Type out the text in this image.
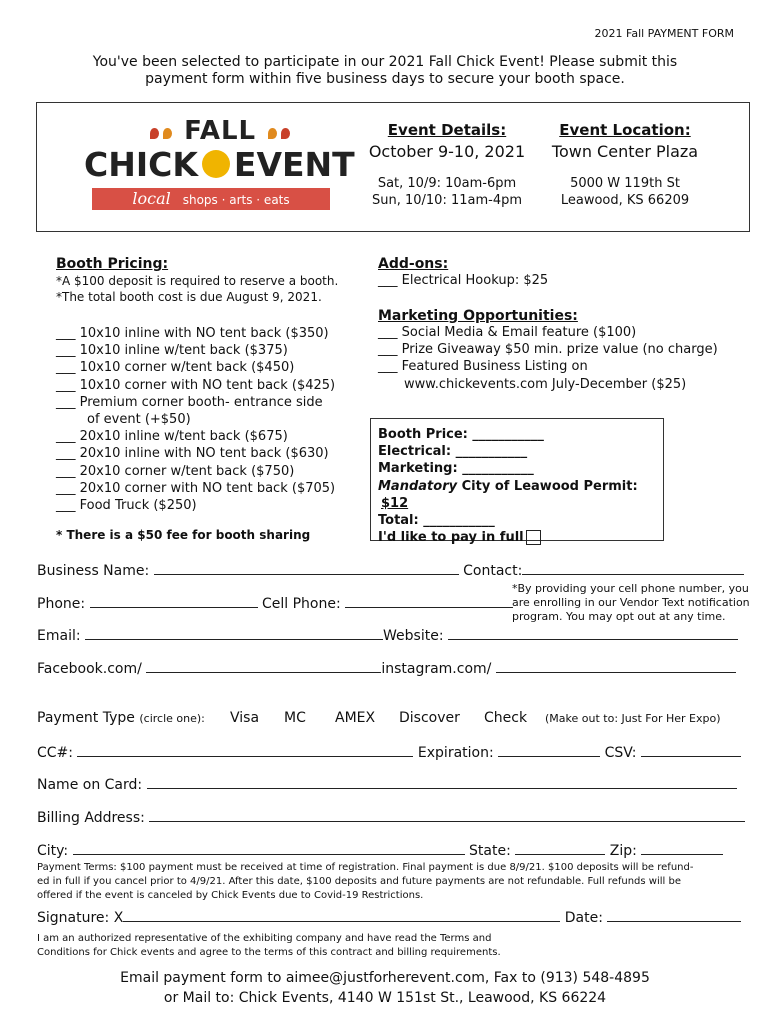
2021 Fall PAYMENT FORM
You've been selected to participate in our 2021 Fall Chick Event! Please submit this
payment form within five business days to secure your booth space.
FALL
CHICK EVENT
local shops · arts · eats
Event Details:
October 9-10, 2021
Sat, 10/9: 10am-6pm
Sun, 10/10: 11am-4pm
Event Location:
Town Center Plaza
5000 W 119th St
Leawood, KS 66209
Booth Pricing:
*A $100 deposit is required to reserve a booth.
*The total booth cost is due August 9, 2021.
___ 10x10 inline with NO tent back ($350)
___ 10x10 inline w/tent back ($375)
___ 10x10 corner w/tent back ($450)
___ 10x10 corner with NO tent back ($425)
___ Premium corner booth- entrance side
of event (+$50)
___ 20x10 inline w/tent back ($675)
___ 20x10 inline with NO tent back ($630)
___ 20x10 corner w/tent back ($750)
___ 20x10 corner with NO tent back ($705)
___ Food Truck ($250)
* There is a $50 fee for booth sharing
Add-ons:
___ Electrical Hookup: $25
Marketing Opportunities:
___ Social Media & Email feature ($100)
___ Prize Giveaway $50 min. prize value (no charge)
___ Featured Business Listing on
www.chickevents.com July-December ($25)
Booth Price: ___________
Electrical: ___________
Marketing: ___________
Mandatory City of Leawood Permit: $12
Total: ___________
I'd like to pay in full
Business Name:	Contact:
Phone:	Cell Phone:
*By providing your cell phone number, you
are enrolling in our Vendor Text notification
program. You may opt out at any time.
Email:	Website:
Facebook.com/	instagram.com/
Payment Type (circle one): Visa MC AMEX Discover Check (Make out to: Just For Her Expo)
CC#:	Expiration:	CSV:
Name on Card:
Billing Address:
City:	State:	Zip:
Payment Terms: $100 payment must be received at time of registration. Final payment is due 8/9/21. $100 deposits will be refund-
ed in full if you cancel prior to 4/9/21. After this date, $100 deposits and future payments are not refundable. Full refunds will be
offered if the event is canceled by Chick Events due to Covid-19 Restrictions.
Signature: X	Date:
I am an authorized representative of the exhibiting company and have read the Terms and
Conditions for Chick events and agree to the terms of this contract and billing requirements.
Email payment form to aimee@justforherevent.com, Fax to (913) 548-4895
or Mail to: Chick Events, 4140 W 151st St., Leawood, KS 66224
